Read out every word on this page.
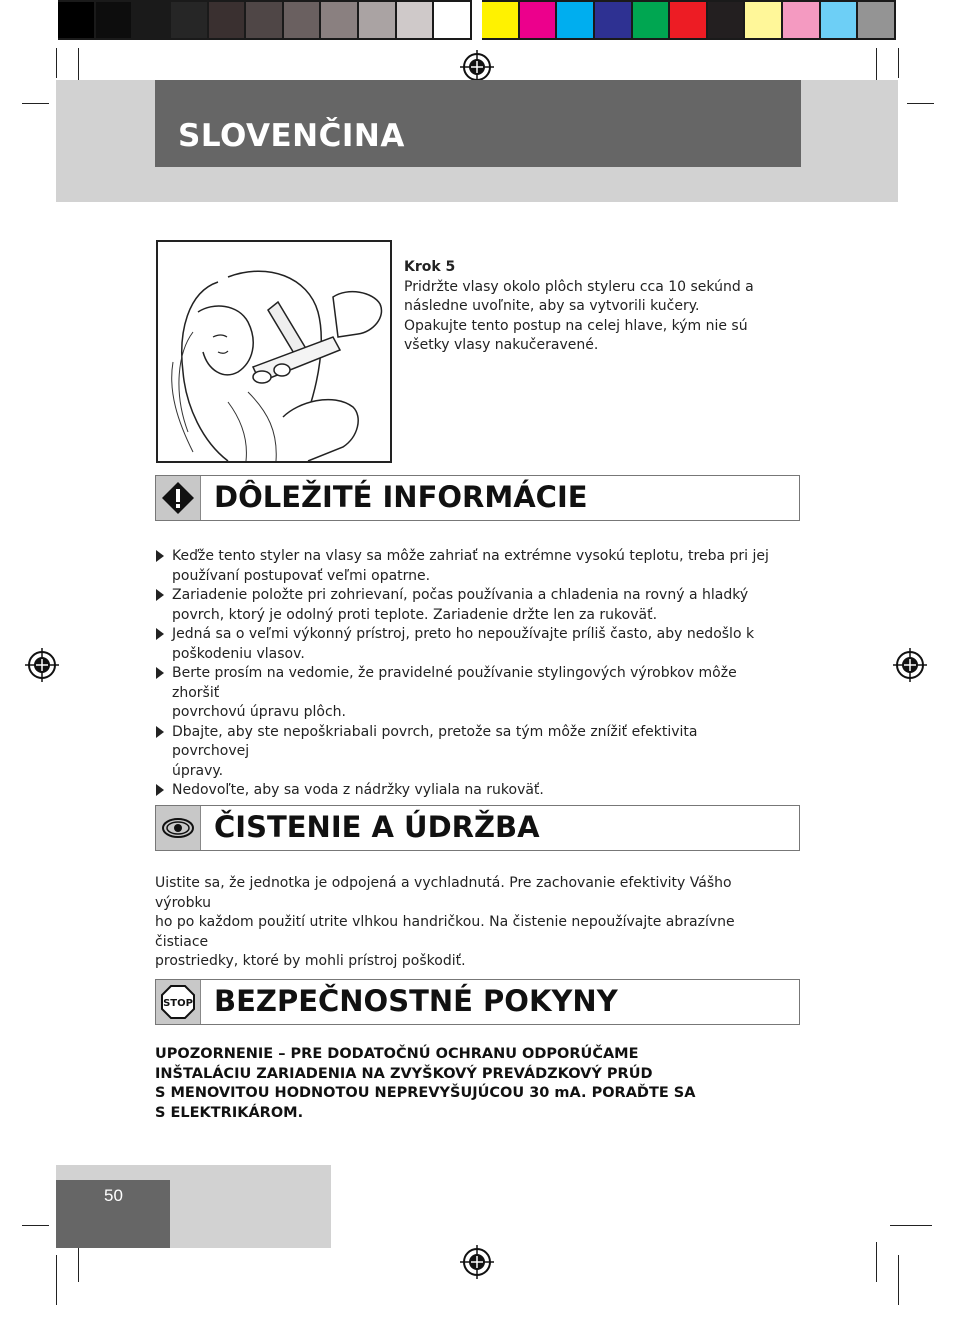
SLOVENČINA
Krok 5
Pridržte vlasy okolo plôch styleru cca 10 sekúnd a
následne uvoľnite, aby sa vytvorili kučery.
Opakujte tento postup na celej hlave, kým nie sú
všetky vlasy nakučeravené.
DÔLEŽITÉ INFORMÁCIE
Keďže tento styler na vlasy sa môže zahriať na extrémne vysokú teplotu, treba pri jej
používaní postupovať veľmi opatrne.
Zariadenie položte pri zohrievaní, počas používania a chladenia na rovný a hladký
povrch, ktorý je odolný proti teplote. Zariadenie držte len za rukoväť.
Jedná sa o veľmi výkonný prístroj, preto ho nepoužívajte príliš často, aby nedošlo k
poškodeniu vlasov.
Berte prosím na vedomie, že pravidelné používanie stylingových výrobkov môže zhoršiť
povrchovú úpravu plôch.
Dbajte, aby ste nepoškriabali povrch, pretože sa tým môže znížiť efektivita povrchovej
úpravy.
Nedovoľte, aby sa voda z nádržky vyliala na rukoväť.
ČISTENIE A ÚDRŽBA
Uistite sa, že jednotka je odpojená a vychladnutá. Pre zachovanie efektivity Vášho výrobku
ho po každom použití utrite vlhkou handričkou. Na čistenie nepoužívajte abrazívne čistiace
prostriedky, ktoré by mohli prístroj poškodiť.
STOP BEZPEČNOSTNÉ POKYNY
UPOZORNENIE – PRE DODATOČNÚ OCHRANU ODPORÚČAME
INŠTALÁCIU ZARIADENIA NA ZVYŠKOVÝ PREVÁDZKOVÝ PRÚD
S MENOVITOU HODNOTOU NEPREVYŠUJÚCOU 30 mA. PORAĎTE SA
S ELEKTRIKÁROM.
50
